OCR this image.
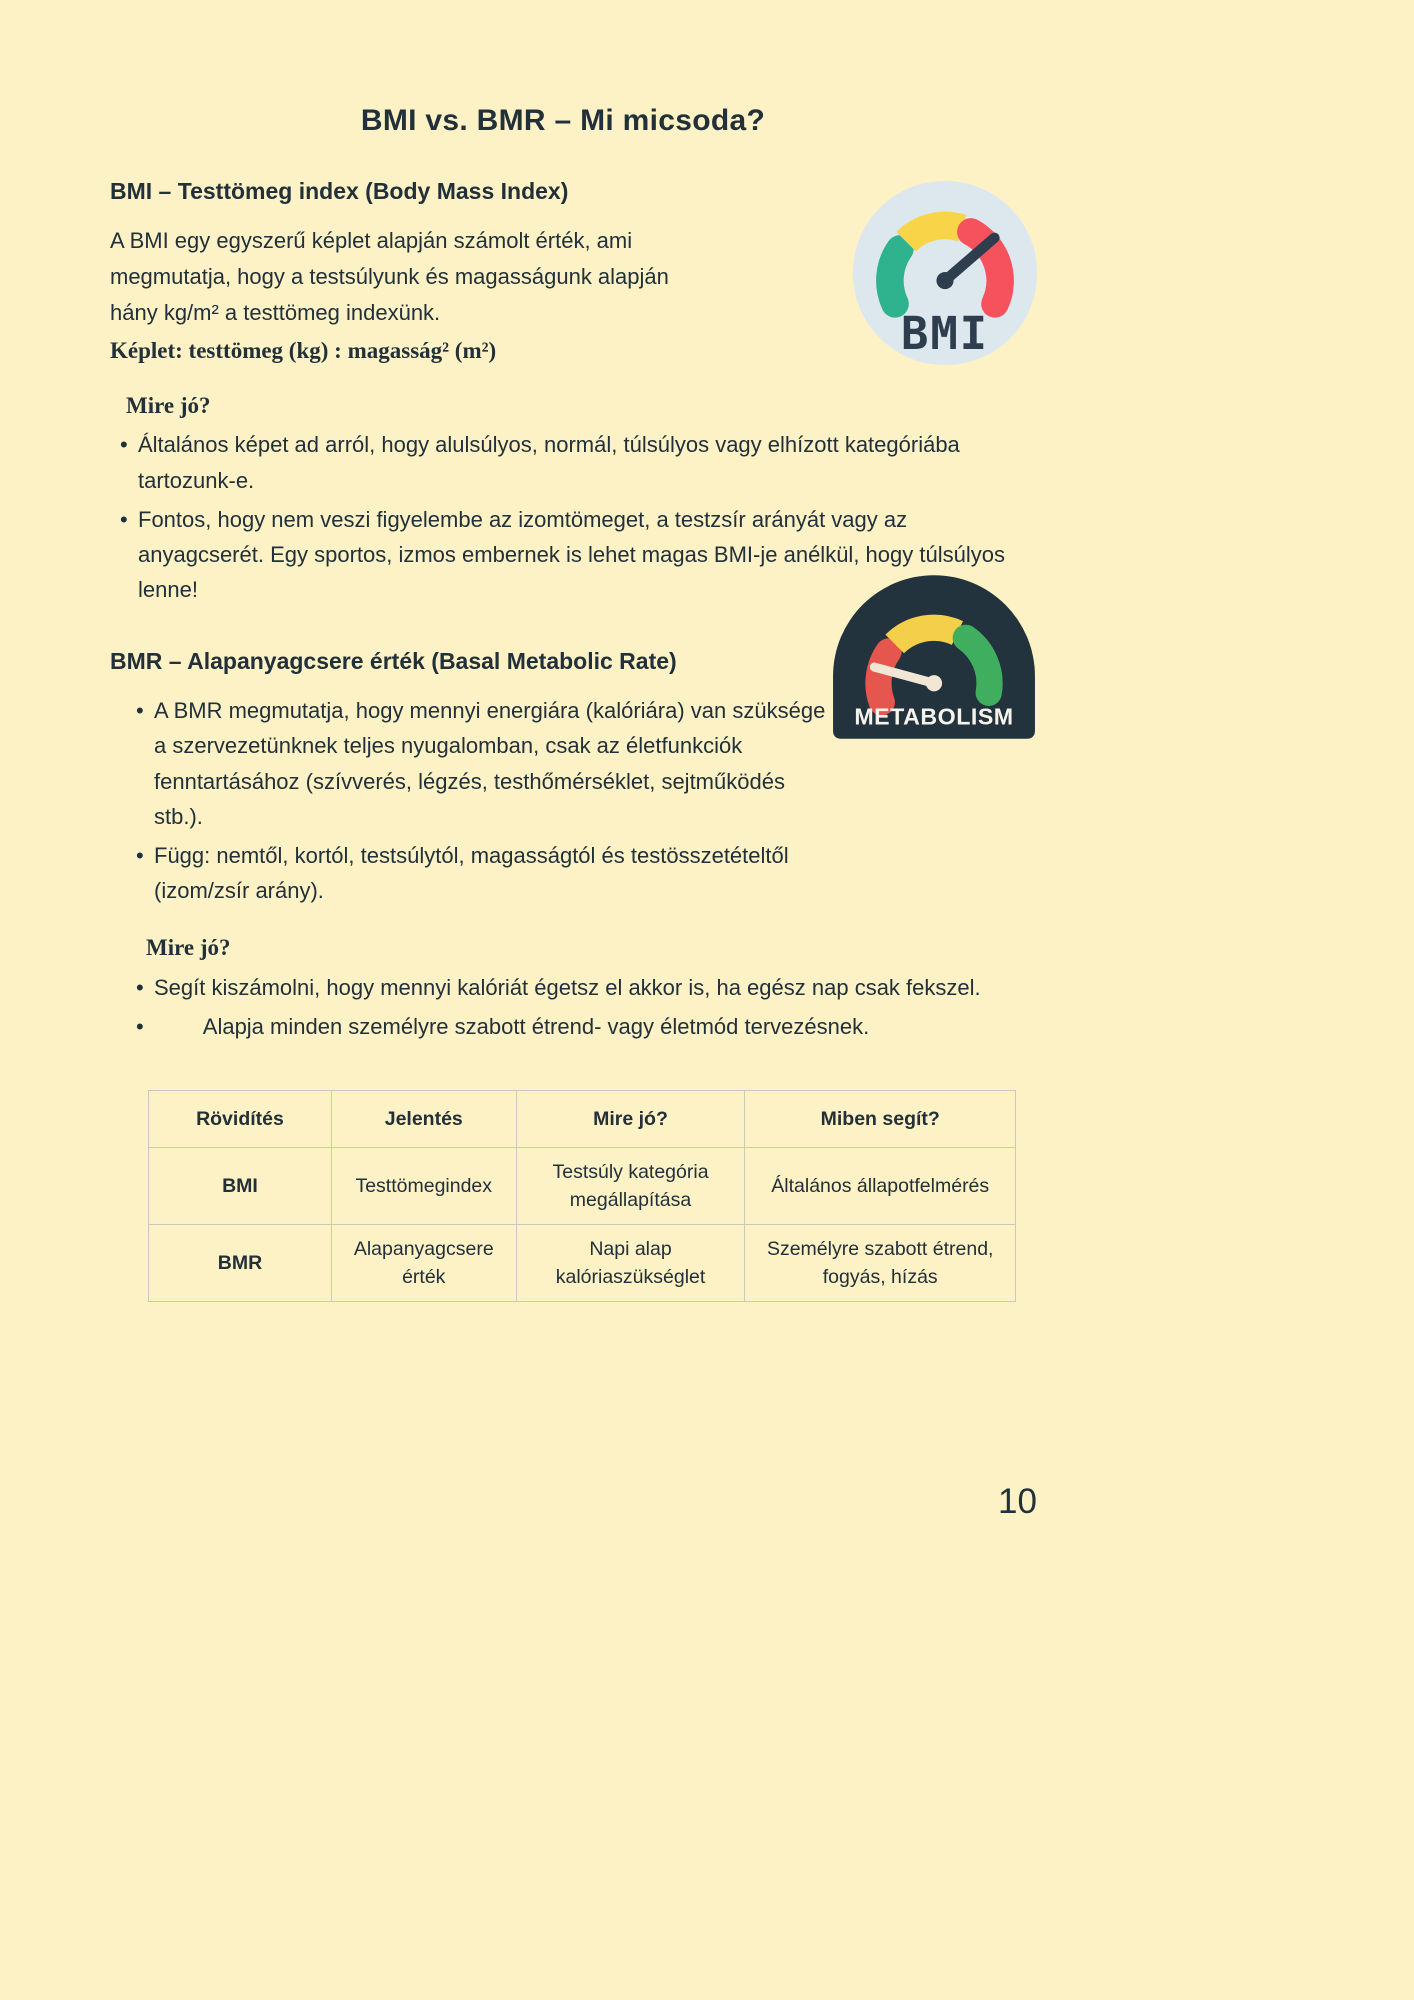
BMI vs. BMR – Mi micsoda?
BMI – Testtömeg index (Body Mass Index)

A BMI egy egyszerű képlet alapján számolt érték, ami megmutatja, hogy a testsúlyunk és magasságunk alapján hány kg/m² a testtömeg indexünk.

Képlet: testtömeg (kg) : magasság² (m²)

Mire jó?
• Általános képet ad arról, hogy alulsúlyos, normál, túlsúlyos vagy elhízott kategóriába tartozunk-e.
• Fontos, hogy nem veszi figyelembe az izomtömeget, a testzsír arányát vagy az anyagcserét. Egy sportos, izmos embernek is lehet magas BMI-je anélkül, hogy túlsúlyos lenne!
BMR – Alapanyagcsere érték (Basal Metabolic Rate)
• A BMR megmutatja, hogy mennyi energiára (kalóriára) van szüksége a szervezetünknek teljes nyugalomban, csak az életfunkciók fenntartásához (szívverés, légzés, testhőmérséklet, sejtműködés stb.).
• Függ: nemtől, kortól, testsúlytól, magasságtól és testösszetételtől (izom/zsír arány).
Mire jó?
• Segít kiszámolni, hogy mennyi kalóriát égetsz el akkor is, ha egész nap csak fekszel.
• Alapja minden személyre szabott étrend- vagy életmód tervezésnek.
Rövidítés	Jelentés	Mire jó?	Miben segít?
BMI	Testtömegindex	Testsúly kategória megállapítása	Általános állapotfelmérés
BMR	Alapanyagcsere érték	Napi alap kalóriaszükséglet	Személyre szabott étrend, fogyás, hízás
BMI
METABOLISM
10
